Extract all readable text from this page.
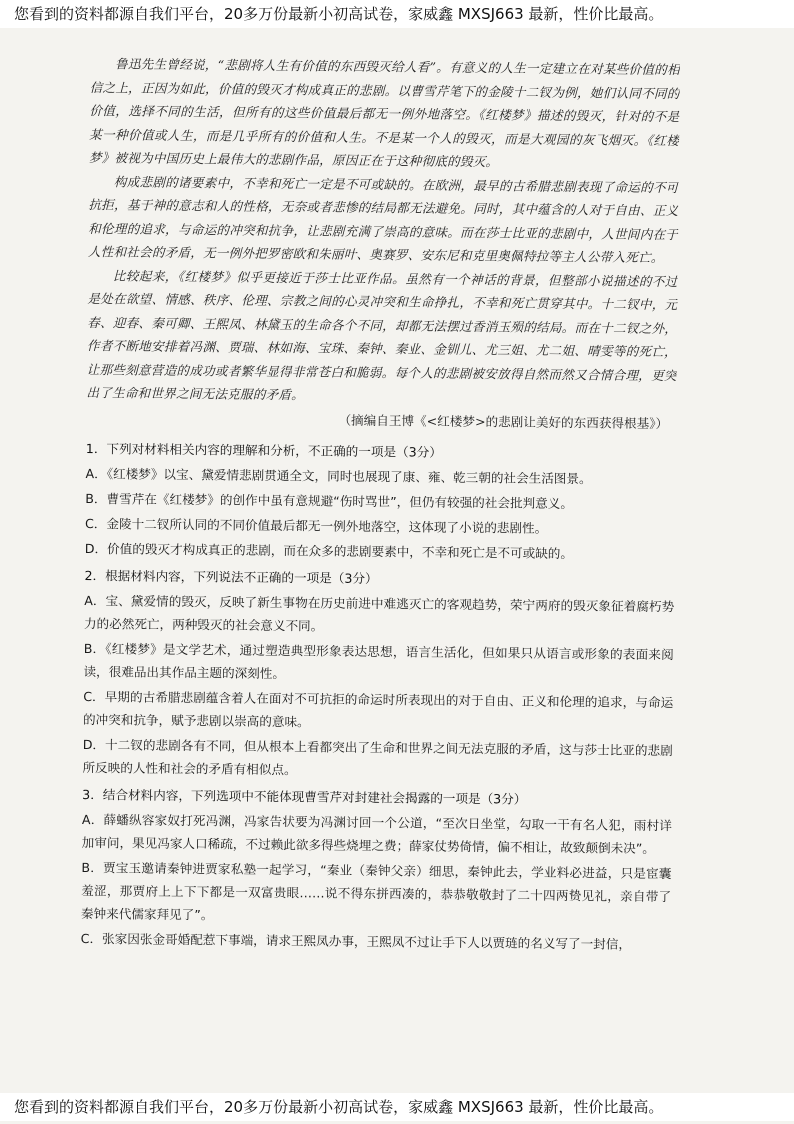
您看到的资料都源自我们平台，20多万份最新小初高试卷，家威鑫 MXSJ663 最新，性价比最高。

鲁迅先生曾经说，“悲剧将人生有价值的东西毁灭给人看”。有意义的人生一定建立在对某些价值的相信之上，正因为如此，价值的毁灭才构成真正的悲剧。以曹雪芹笔下的金陵十二钗为例，她们认同不同的价值，选择不同的生活，但所有的这些价值最后都无一例外地落空。《红楼梦》描述的毁灭，针对的不是某一种价值或人生，而是几乎所有的价值和人生。不是某一个人的毁灭，而是大观园的灰飞烟灭。《红楼梦》被视为中国历史上最伟大的悲剧作品，原因正在于这种彻底的毁灭。

构成悲剧的诸要素中，不幸和死亡一定是不可或缺的。在欧洲，最早的古希腊悲剧表现了命运的不可抗拒，基于神的意志和人的性格，无奈或者悲惨的结局都无法避免。同时，其中蕴含的人对于自由、正义和伦理的追求，与命运的冲突和抗争，让悲剧充满了崇高的意味。而在莎士比亚的悲剧中，人世间内在于人性和社会的矛盾，无一例外把罗密欧和朱丽叶、奥赛罗、安东尼和克里奥佩特拉等主人公带入死亡。

比较起来，《红楼梦》似乎更接近于莎士比亚作品。虽然有一个神话的背景，但整部小说描述的不过是处在欲望、情感、秩序、伦理、宗教之间的心灵冲突和生命挣扎，不幸和死亡贯穿其中。十二钗中，元春、迎春、秦可卿、王熙凤、林黛玉的生命各个不同，却都无法摆过香消玉殒的结局。而在十二钗之外，作者不断地安排着冯渊、贾瑞、林如海、宝珠、秦钟、秦业、金钏儿、尤三姐、尤二姐、晴雯等的死亡，让那些刻意营造的成功或者繁华显得非常苍白和脆弱。每个人的悲剧被安放得自然而然又合情合理，更突出了生命和世界之间无法克服的矛盾。

（摘编自王博《<红楼梦>的悲剧让美好的东西获得根基》）
1．下列对材料相关内容的理解和分析，不正确的一项是（3分）
A．《红楼梦》以宝、黛爱情悲剧贯通全文，同时也展现了康、雍、乾三朝的社会生活图景。
B．曹雪芹在《红楼梦》的创作中虽有意规避“伤时骂世”，但仍有较强的社会批判意义。
C．金陵十二钗所认同的不同价值最后都无一例外地落空，这体现了小说的悲剧性。
D．价值的毁灭才构成真正的悲剧，而在众多的悲剧要素中，不幸和死亡是不可或缺的。
2．根据材料内容，下列说法不正确的一项是（3分）
A．宝、黛爱情的毁灭，反映了新生事物在历史前进中难逃灭亡的客观趋势，荣宁两府的毁灭象征着腐朽势力的必然死亡，两种毁灭的社会意义不同。
B．《红楼梦》是文学艺术，通过塑造典型形象表达思想，语言生活化，但如果只从语言或形象的表面来阅读，很难品出其作品主题的深刻性。
C．早期的古希腊悲剧蕴含着人在面对不可抗拒的命运时所表现出的对于自由、正义和伦理的追求，与命运的冲突和抗争，赋予悲剧以崇高的意味。
D．十二钗的悲剧各有不同，但从根本上看都突出了生命和世界之间无法克服的矛盾，这与莎士比亚的悲剧所反映的人性和社会的矛盾有相似点。
3．结合材料内容，下列选项中不能体现曹雪芹对封建社会揭露的一项是（3分）
A．薛蟠纵容家奴打死冯渊，冯家告状要为冯渊讨回一个公道，“至次日坐堂，勾取一干有名人犯，雨村详加审问，果见冯家人口稀疏，不过赖此欲多得些烧埋之费；薛家仗势倚情，偏不相让，故致颠倒未决”。
B．贾宝玉邀请秦钟进贾家私塾一起学习，“秦业（秦钟父亲）细思，秦钟此去，学业料必进益，只是宦囊羞涩，那贾府上上下下都是一双富贵眼……说不得东拼西凑的，恭恭敬敬封了二十四两贽见礼，亲自带了秦钟来代儒家拜见了”。
C．张家因张金哥婚配惹下事端，请求王熙凤办事，王熙凤不过让手下人以贾琏的名义写了一封信，
您看到的资料都源自我们平台，20多万份最新小初高试卷，家威鑫 MXSJ663 最新，性价比最高。
